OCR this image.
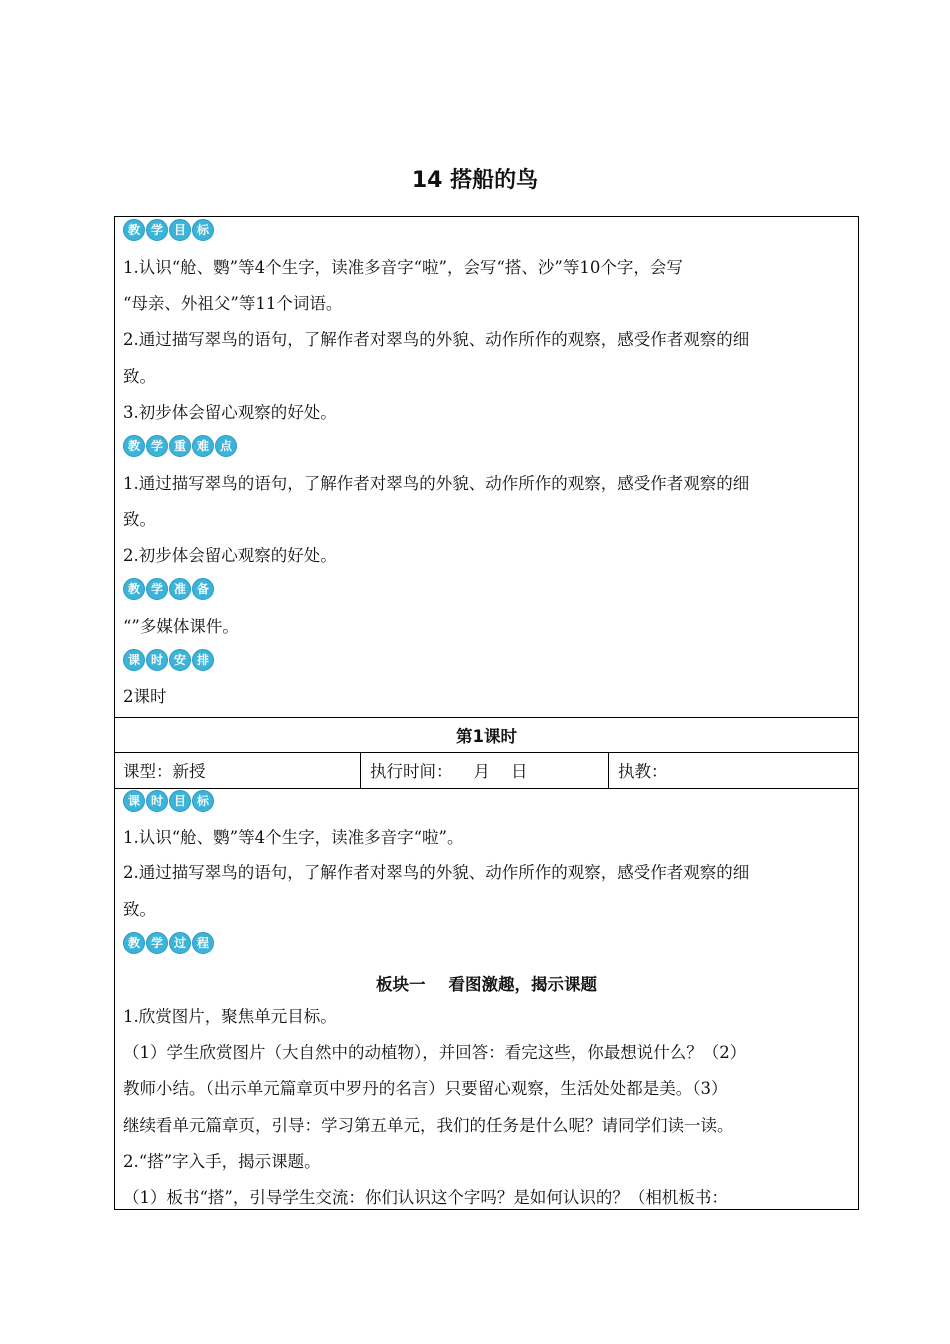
14 搭船的鸟
教 学 目 标
1.认识“舱、鹦”等4个生字，读准多音字“啦”，会写“搭、沙”等10个字，会写
“母亲、外祖父”等11个词语。
2.通过描写翠鸟的语句，了解作者对翠鸟的外貌、动作所作的观察，感受作者观察的细
致。
3.初步体会留心观察的好处。
教 学 重 难 点
1.通过描写翠鸟的语句，了解作者对翠鸟的外貌、动作所作的观察，感受作者观察的细
致。
2.初步体会留心观察的好处。
教 学 准 备
“”多媒体课件。
课 时 安 排
2课时
第1课时
课型：新授	执行时间：    月    日	执教：
课 时 目 标
1.认识“舱、鹦”等4个生字，读准多音字“啦”。
2.通过描写翠鸟的语句，了解作者对翠鸟的外貌、动作所作的观察，感受作者观察的细
致。
教 学 过 程
板块一    看图激趣，揭示课题
1.欣赏图片，聚焦单元目标。
（1）学生欣赏图片（大自然中的动植物），并回答：看完这些，你最想说什么？（2）
教师小结。（出示单元篇章页中罗丹的名言）只要留心观察，生活处处都是美。（3）
继续看单元篇章页，引导：学习第五单元，我们的任务是什么呢？请同学们读一读。
2.“搭”字入手，揭示课题。
（1）板书“搭”，引导学生交流：你们认识这个字吗？是如何认识的？（相机板书：
